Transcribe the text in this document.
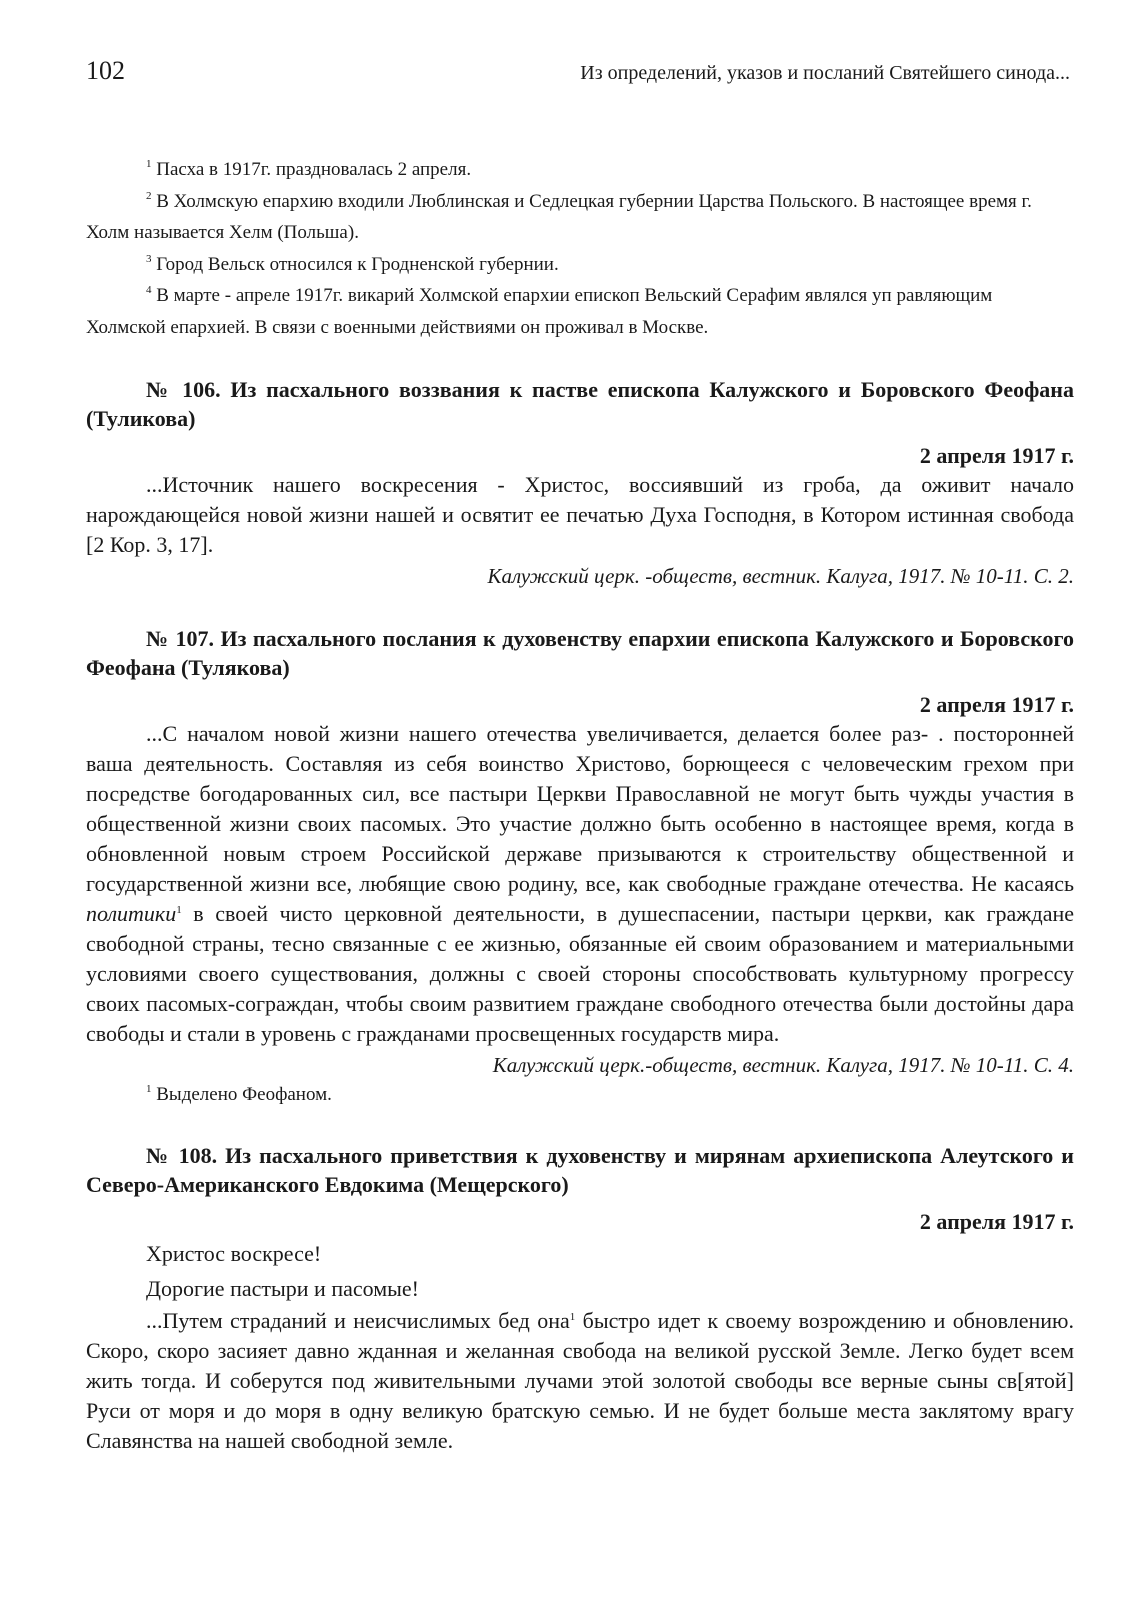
102	Из определений, указов и посланий Святейшего синода...

$^1$ Пасха в 1917г. праздновалась 2 апреля.

$^2$ В Холмскую епархию входили Люблинская и Седлецкая губернии Царства Польского. В настоящее время г. Холм называется Хелм (Польша).

$^3$ Город Вельск относился к Гродненской губернии.

$^4$ В марте - апреле 1917г. викарий Холмской епархии епископ Вельский Серафим являлся уп равляющим Холмской епархией. В связи с военными действиями он проживал в Москве.

№ 106. Из пасхального воззвания к пастве епископа Калужского и Боровского Феофана (Туликова)

2 апреля 1917 г.

...Источник нашего воскресения - Христос, воссиявший из гроба, да оживит начало нарождающейся новой жизни нашей и освятит ее печатью Духа Господня, в Котором истинная свобода [2 Кор. 3, 17].

Калужский церк. -обществ, вестник. Калуга, 1917. № 10-11. С. 2.

№ 107. Из пасхального послания к духовенству епархии епископа Калужского и Боровского Феофана (Тулякова)

2 апреля 1917 г.

...С началом новой жизни нашего отечества увеличивается, делается более раз- . посторонней ваша деятельность. Составляя из себя воинство Христово, борющееся с человеческим грехом при посредстве богодарованных сил, все пастыри Церкви Православной не могут быть чужды участия в общественной жизни своих пасомых. Это участие должно быть особенно в настоящее время, когда в обновленной новым строем Российской державе призываются к строительству общественной и государственной жизни все, любящие свою родину, все, как свободные граждане отечества. Не касаясь политики$^1$ в своей чисто церковной деятельности, в душеспасении, пастыри церкви, как граждане свободной страны, тесно связанные с ее жизнью, обязанные ей своим образованием и материальными условиями своего существования, должны с своей стороны способствовать культурному прогрессу своих пасомых-сограждан, чтобы своим развитием граждане свободного отечества были достойны дара свободы и стали в уровень с гражданами просвещенных государств мира.

Калужский церк.-обществ, вестник. Калуга, 1917. № 10-11. С. 4.

$^1$ Выделено Феофаном.

№ 108. Из пасхального приветствия к духовенству и мирянам архиепископа Алеутского и Северо-Американского Евдокима (Мещерского)

2 апреля 1917 г.

Христос воскресе!

Дорогие пастыри и пасомые!

...Путем страданий и неисчислимых бед она$^1$ быстро идет к своему возрождению и обновлению. Скоро, скоро засияет давно жданная и желанная свобода на великой русской Земле. Легко будет всем жить тогда. И соберутся под живительными лучами этой золотой свободы все верные сыны св[ятой] Руси от моря и до моря в одну великую братскую семью. И не будет больше места заклятому врагу Славянства на нашей свободной земле.
